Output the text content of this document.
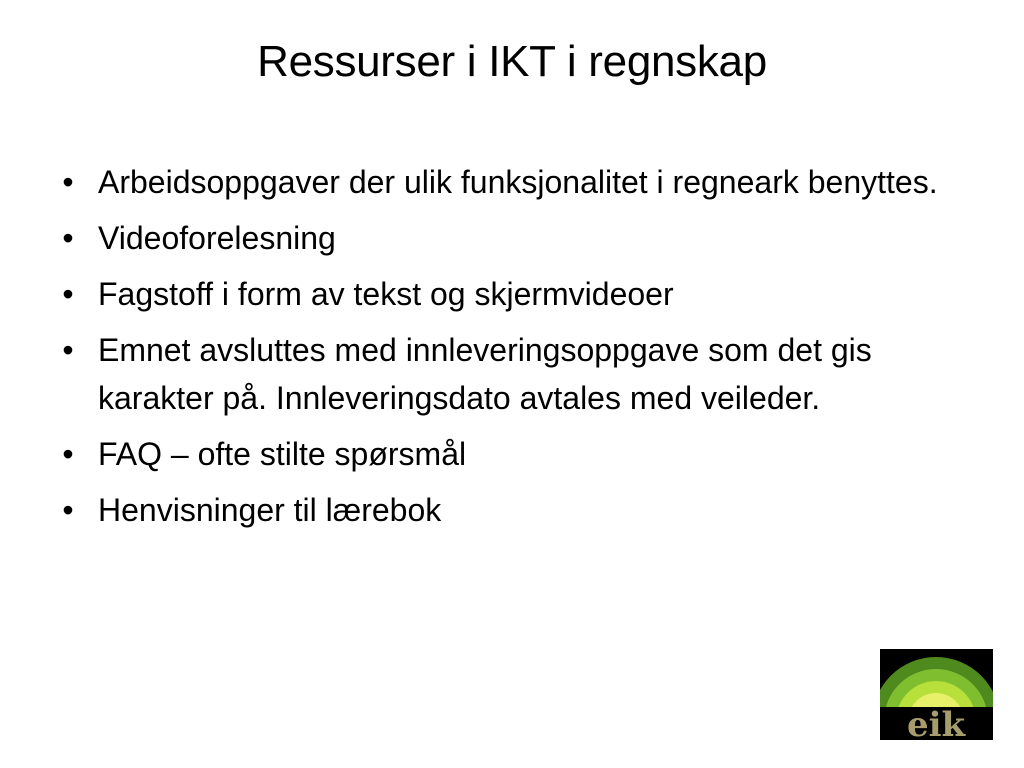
Ressurser i IKT i regnskap
• Arbeidsoppgaver der ulik funksjonalitet i regneark benyttes.
• Videoforelesning
• Fagstoff i form av tekst og skjermvideoer
• Emnet avsluttes med innleveringsoppgave som det gis karakter på. Innleveringsdato avtales med veileder.
• FAQ – ofte stilte spørsmål
• Henvisninger til lærebok
eik
